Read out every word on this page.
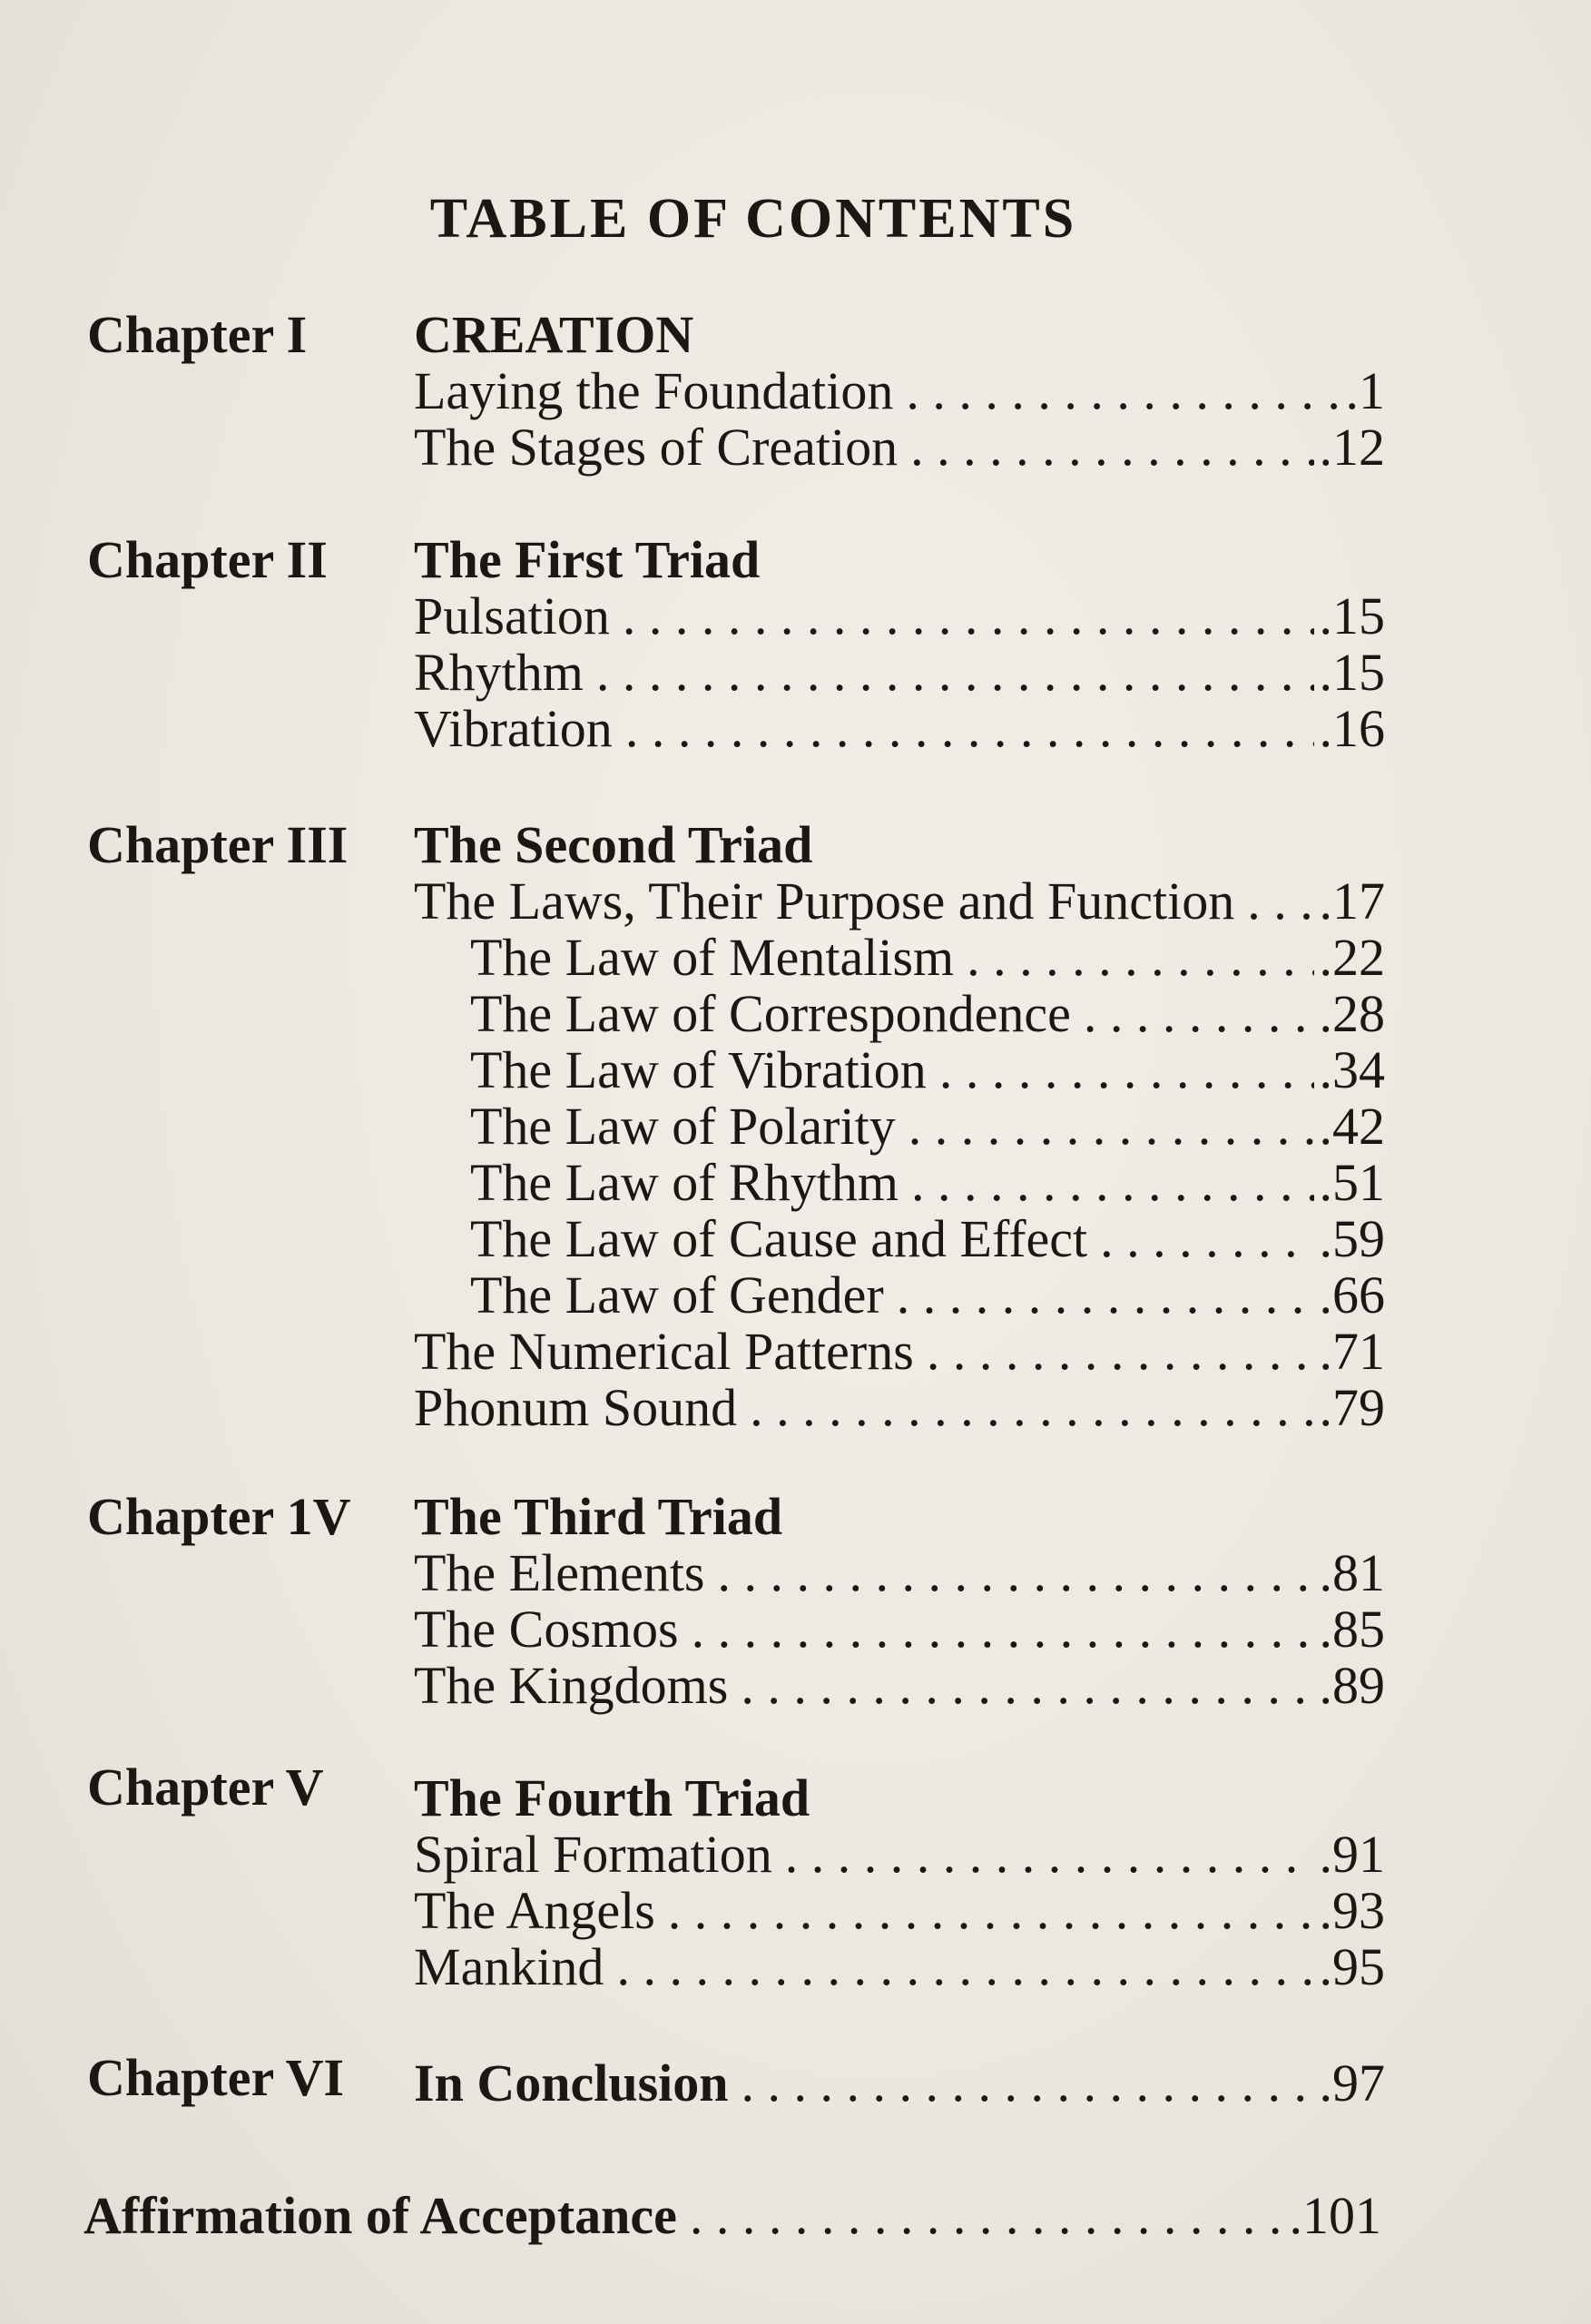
TABLE OF CONTENTS
Chapter I CREATION
Laying the Foundation . . .	.1
The Stages of Creation . . .	.12
Chapter II The First Triad
Pulsation . . .	.15
Rhythm . . .	.15
Vibration . . .	.16
Chapter III The Second Triad
The Laws, Their Purpose and Function . . . .17
The Law of Mentalism . . .	.22
The Law of Correspondence . . .	.28
The Law of Vibration . . .	.34
The Law of Polarity . . .	.42
The Law of Rhythm . . .	.51
The Law of Cause and Effect . . .	.59
The Law of Gender . . .	.66
The Numerical Patterns . . .	.71
Phonum Sound . . .	.79
Chapter 1V The Third Triad
The Elements . . .	.81
The Cosmos . . .	.85
The Kingdoms . . .	.89
Chapter V The Fourth Triad
Spiral Formation . . .	.91
The Angels . . .	.93
Mankind . . .	.95
Chapter VI In Conclusion . . .	.97
Affirmation of Acceptance . . .	.101
